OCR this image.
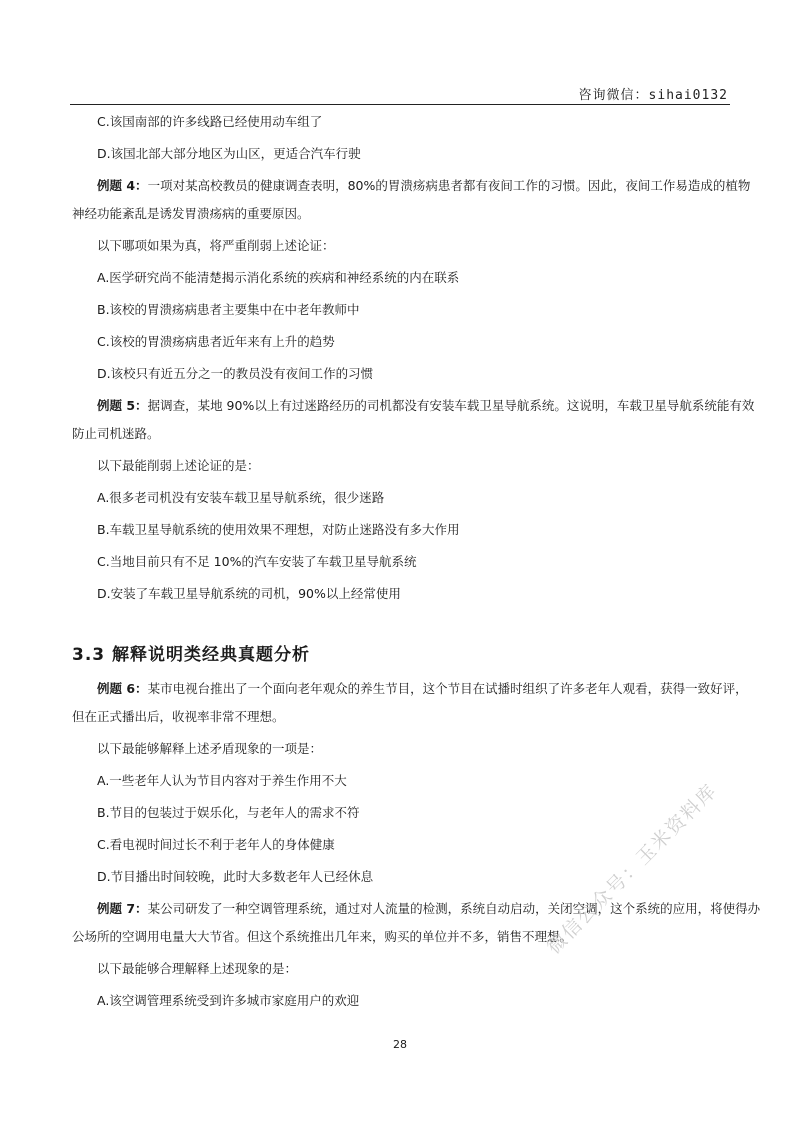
咨询微信：sihai0132
C.该国南部的许多线路已经使用动车组了
D.该国北部大部分地区为山区，更适合汽车行驶
例题 4：一项对某高校教员的健康调查表明，80%的胃溃疡病患者都有夜间工作的习惯。因此，夜间工作易造成的植物
神经功能紊乱是诱发胃溃疡病的重要原因。
以下哪项如果为真，将严重削弱上述论证：
A.医学研究尚不能清楚揭示消化系统的疾病和神经系统的内在联系
B.该校的胃溃疡病患者主要集中在中老年教师中
C.该校的胃溃疡病患者近年来有上升的趋势
D.该校只有近五分之一的教员没有夜间工作的习惯
例题 5：据调查，某地 90%以上有过迷路经历的司机都没有安装车载卫星导航系统。这说明，车载卫星导航系统能有效
防止司机迷路。
以下最能削弱上述论证的是：
A.很多老司机没有安装车载卫星导航系统，很少迷路
B.车载卫星导航系统的使用效果不理想，对防止迷路没有多大作用
C.当地目前只有不足 10%的汽车安装了车载卫星导航系统
D.安装了车载卫星导航系统的司机，90%以上经常使用
3.3 解释说明类经典真题分析
例题 6：某市电视台推出了一个面向老年观众的养生节目，这个节目在试播时组织了许多老年人观看，获得一致好评，
但在正式播出后，收视率非常不理想。
以下最能够解释上述矛盾现象的一项是：
A.一些老年人认为节目内容对于养生作用不大
B.节目的包装过于娱乐化，与老年人的需求不符
C.看电视时间过长不利于老年人的身体健康
D.节目播出时间较晚，此时大多数老年人已经休息
例题 7：某公司研发了一种空调管理系统，通过对人流量的检测，系统自动启动，关闭空调，这个系统的应用，将使得办
公场所的空调用电量大大节省。但这个系统推出几年来，购买的单位并不多，销售不理想。
以下最能够合理解释上述现象的是：
A.该空调管理系统受到许多城市家庭用户的欢迎
28
微信公众号：玉米资料库
